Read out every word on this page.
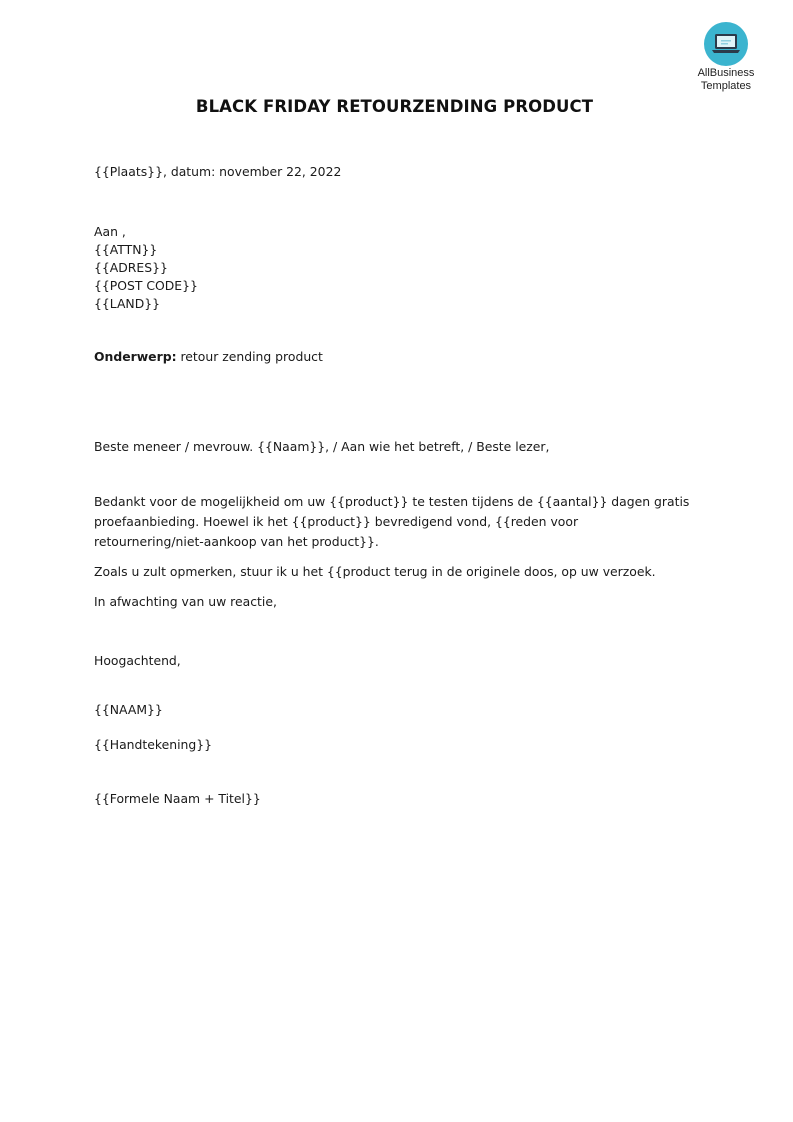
AllBusiness
Templates
BLACK FRIDAY RETOURZENDING PRODUCT
{{Plaats}}, datum: november 22, 2022
Aan ,
{{ATTN}}
{{ADRES}}
{{POST CODE}}
{{LAND}}
Onderwerp: retour zending product
Beste meneer / mevrouw. {{Naam}}, / Aan wie het betreft, / Beste lezer,
Bedankt voor de mogelijkheid om uw {{product}} te testen tijdens de {{aantal}} dagen gratis
proefaanbieding. Hoewel ik het {{product}} bevredigend vond, {{reden voor
retournering/niet-aankoop van het product}}.
Zoals u zult opmerken, stuur ik u het {{product terug in de originele doos, op uw verzoek.
In afwachting van uw reactie,
Hoogachtend,
{{NAAM}}
{{Handtekening}}
{{Formele Naam + Titel}}
